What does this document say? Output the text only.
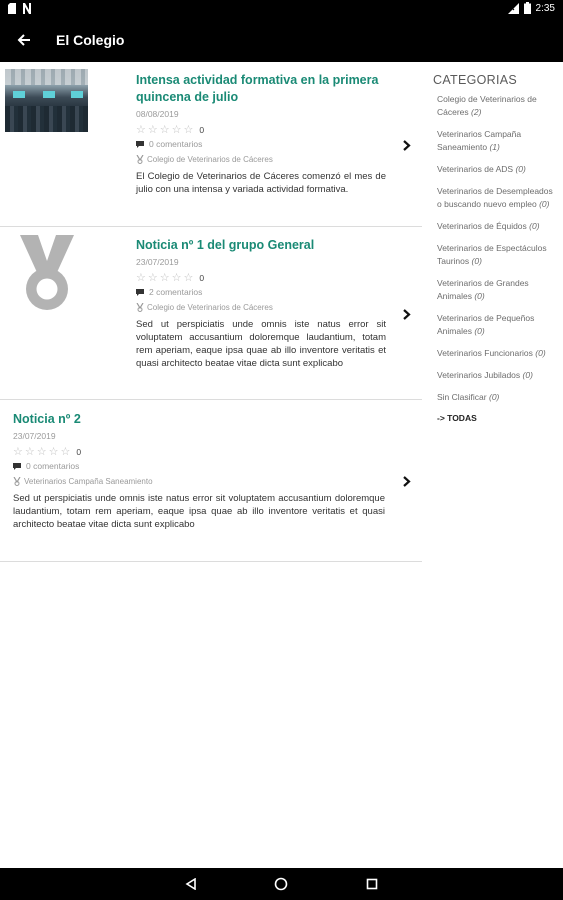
2:35
El Colegio
Intensa actividad formativa en la primera quincena de julio
08/08/2019
☆ ☆ ☆ ☆ ☆ 0
0 comentarios
Colegio de Veterinarios de Cáceres
El Colegio de Veterinarios de Cáceres comenzó el mes de julio con una intensa y variada actividad formativa.
Noticia nº 1 del grupo General
23/07/2019
☆ ☆ ☆ ☆ ☆ 0
2 comentarios
Colegio de Veterinarios de Cáceres
Sed ut perspiciatis unde omnis iste natus error sit voluptatem accusantium doloremque laudantium, totam rem aperiam, eaque ipsa quae ab illo inventore veritatis et quasi architecto beatae vitae dicta sunt explicabo
Noticia nº 2
23/07/2019
☆ ☆ ☆ ☆ ☆ 0
0 comentarios
Veterinarios Campaña Saneamiento
Sed ut perspiciatis unde omnis iste natus error sit voluptatem accusantium doloremque laudantium, totam rem aperiam, eaque ipsa quae ab illo inventore veritatis et quasi architecto beatae vitae dicta sunt explicabo
CATEGORIAS
Colegio de Veterinarios de Cáceres (2)
Veterinarios Campaña Saneamiento (1)
Veterinarios de ADS (0)
Veterinarios de Desempleados o buscando nuevo empleo (0)
Veterinarios de Équidos (0)
Veterinarios de Espectáculos Taurinos (0)
Veterinarios de Grandes Animales (0)
Veterinarios de Pequeños Animales (0)
Veterinarios Funcionarios (0)
Veterinarios Jubilados (0)
Sin Clasificar (0)
-> TODAS
